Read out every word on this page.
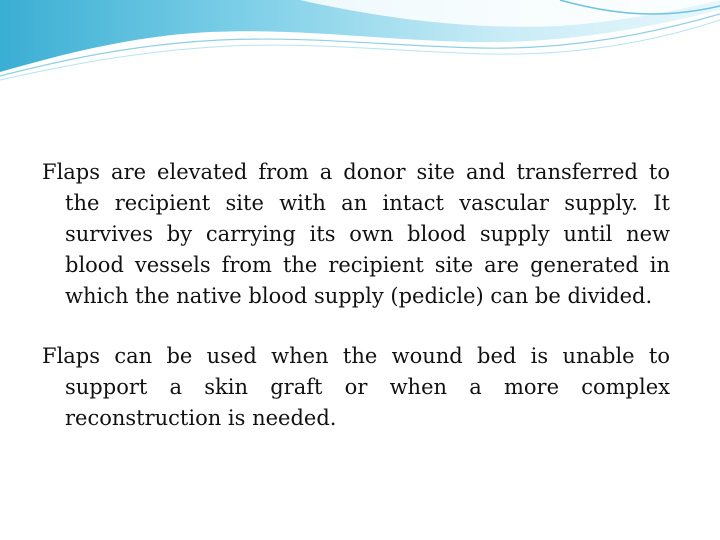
Flaps are elevated from a donor site and transferred to the recipient site with an intact vascular supply. It survives by carrying its own blood supply until new blood vessels from the recipient site are generated in which the native blood supply (pedicle) can be divided.

Flaps can be used when the wound bed is unable to support a skin graft or when a more complex reconstruction is needed.
